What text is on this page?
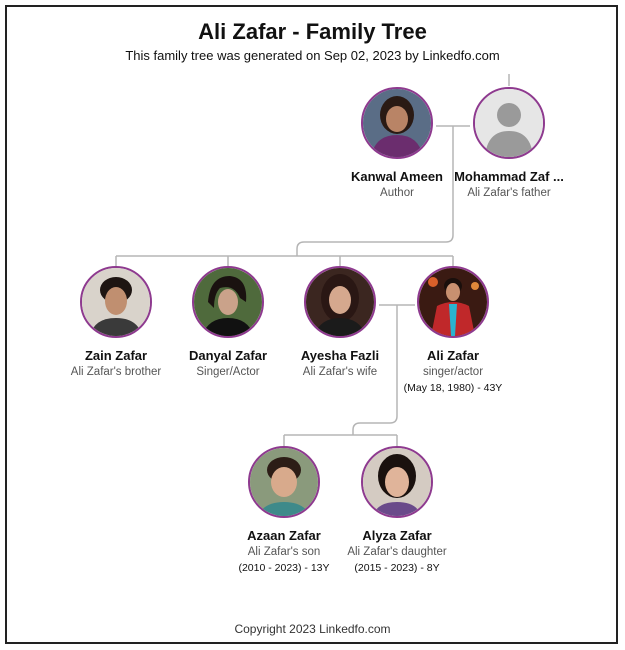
Ali Zafar - Family Tree
This family tree was generated on Sep 02, 2023 by Linkedfo.com
Kanwal Ameen
Author
Mohammad Zaf ...
Ali Zafar's father
Zain Zafar
Ali Zafar's brother
Danyal Zafar
Singer/Actor
Ayesha Fazli
Ali Zafar's wife
Ali Zafar
singer/actor
(May 18, 1980) - 43Y
Azaan Zafar
Ali Zafar's son
(2010 - 2023) - 13Y
Alyza Zafar
Ali Zafar's daughter
(2015 - 2023) - 8Y
Copyright 2023 Linkedfo.com
